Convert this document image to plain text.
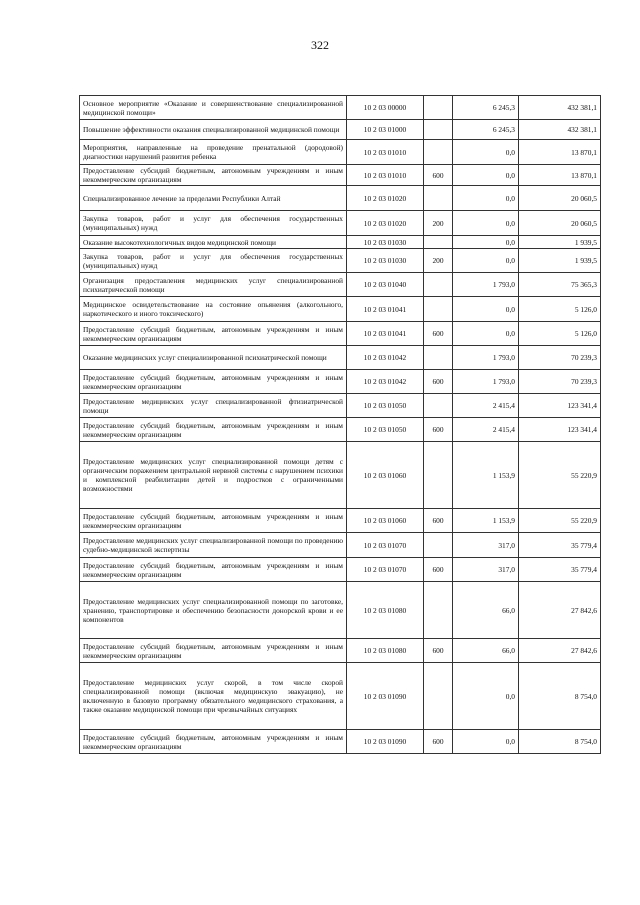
322
Основное мероприятие «Оказание и совершенствование специализированной медицинской помощи»	10 2 03 00000		6 245,3	432 381,1
Повышение эффективности оказания специализированной медицинской помощи	10 2 03 01000		6 245,3	432 381,1
Мероприятия, направленные на проведение пренатальной (дородовой) диагностики нарушений развития ребенка	10 2 03 01010		0,0	13 870,1
Предоставление субсидий бюджетным, автономным учреждениям и иным некоммерческим организациям	10 2 03 01010	600	0,0	13 870,1
Специализированное лечение за пределами Республики Алтай	10 2 03 01020		0,0	20 060,5
Закупка товаров, работ и услуг для обеспечения государственных (муниципальных) нужд	10 2 03 01020	200	0,0	20 060,5
Оказание высокотехнологичных видов медицинской помощи	10 2 03 01030		0,0	1 939,5
Закупка товаров, работ и услуг для обеспечения государственных (муниципальных) нужд	10 2 03 01030	200	0,0	1 939,5
Организация предоставления медицинских услуг специализированной психиатрической помощи	10 2 03 01040		1 793,0	75 365,3
Медицинское освидетельствование на состояние опьянения (алкогольного, наркотического и иного токсического)	10 2 03 01041		0,0	5 126,0
Предоставление субсидий бюджетным, автономным учреждениям и иным некоммерческим организациям	10 2 03 01041	600	0,0	5 126,0
Оказание медицинских услуг специализированной психиатрической помощи	10 2 03 01042		1 793,0	70 239,3
Предоставление субсидий бюджетным, автономным учреждениям и иным некоммерческим организациям	10 2 03 01042	600	1 793,0	70 239,3
Предоставление медицинских услуг специализированной фтизиатрической помощи	10 2 03 01050		2 415,4	123 341,4
Предоставление субсидий бюджетным, автономным учреждениям и иным некоммерческим организациям	10 2 03 01050	600	2 415,4	123 341,4
Предоставление медицинских услуг специализированной помощи детям с органическим поражением центральной нервной системы с нарушением психики и комплексной реабилитации детей и подростков с ограниченными возможностями	10 2 03 01060		1 153,9	55 220,9
Предоставление субсидий бюджетным, автономным учреждениям и иным некоммерческим организациям	10 2 03 01060	600	1 153,9	55 220,9
Предоставление медицинских услуг специализированной помощи по проведению судебно-медицинской экспертизы	10 2 03 01070		317,0	35 779,4
Предоставление субсидий бюджетным, автономным учреждениям и иным некоммерческим организациям	10 2 03 01070	600	317,0	35 779,4
Предоставление медицинских услуг специализированной помощи по заготовке, хранению, транспортировке и обеспечению безопасности донорской крови и ее компонентов	10 2 03 01080		66,0	27 842,6
Предоставление субсидий бюджетным, автономным учреждениям и иным некоммерческим организациям	10 2 03 01080	600	66,0	27 842,6
Предоставление медицинских услуг скорой, в том числе скорой специализированной помощи (включая медицинскую эвакуацию), не включенную в базовую программу обязательного медицинского страхования, а также оказание медицинской помощи при чрезвычайных ситуациях	10 2 03 01090		0,0	8 754,0
Предоставление субсидий бюджетным, автономным учреждениям и иным некоммерческим организациям	10 2 03 01090	600	0,0	8 754,0
